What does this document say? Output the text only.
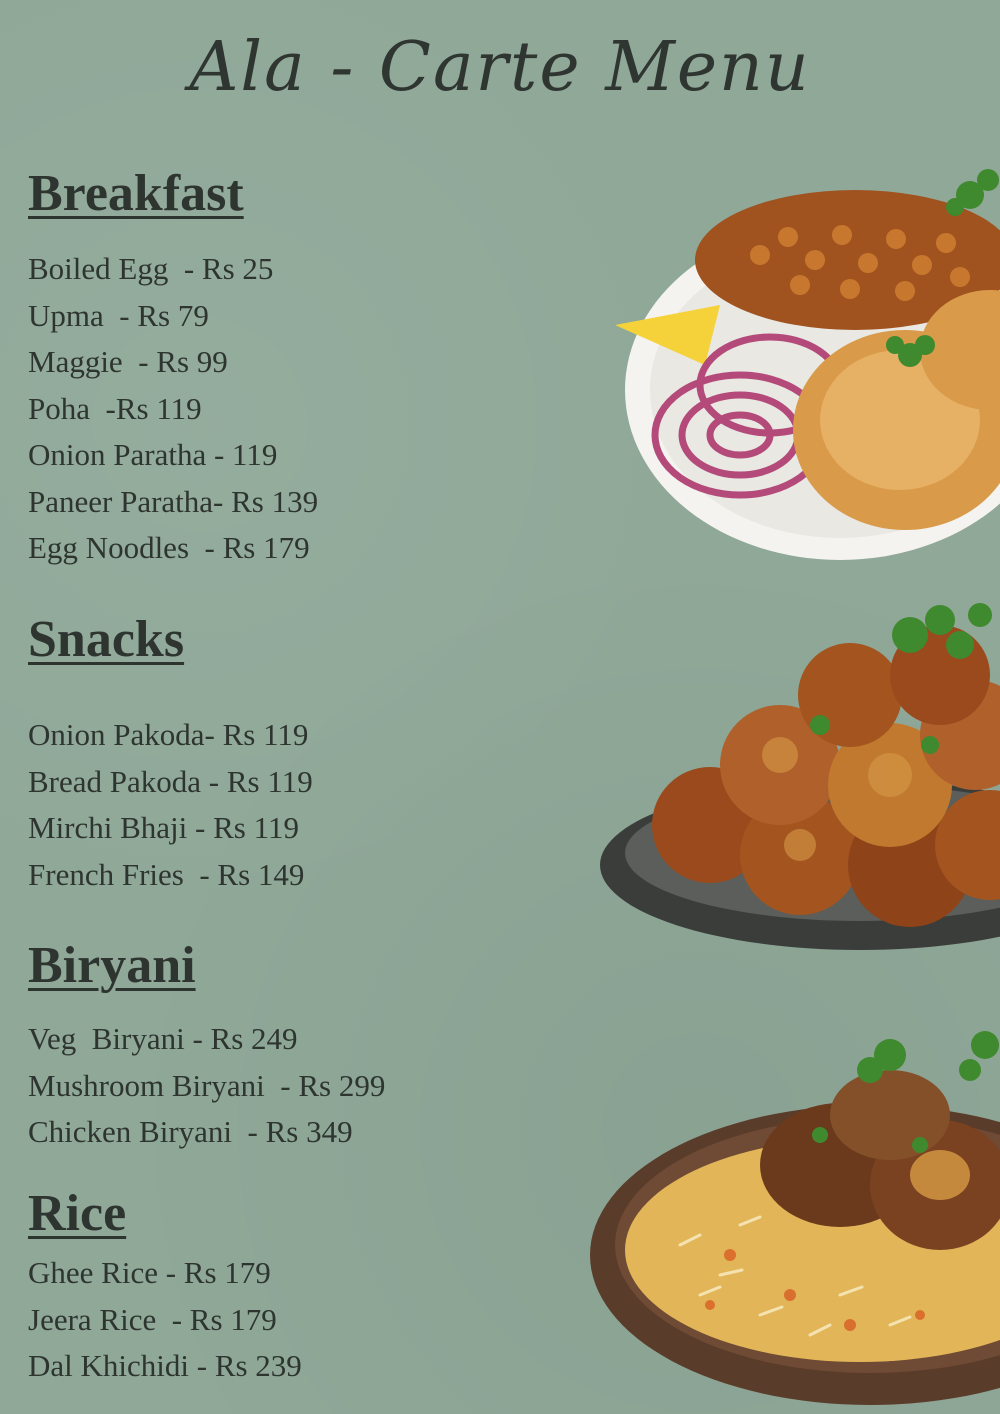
Ala - Carte Menu
Breakfast
Boiled Egg  - Rs 25
Upma  - Rs 79
Maggie  - Rs 99
Poha  -Rs 119
Onion Paratha - 119
Paneer Paratha- Rs 139
Egg Noodles  - Rs 179
Snacks
Onion Pakoda- Rs 119
Bread Pakoda - Rs 119
Mirchi Bhaji - Rs 119
French Fries  - Rs 149
Biryani
Veg  Biryani - Rs 249
Mushroom Biryani  - Rs 299
Chicken Biryani  - Rs 349
Rice
Ghee Rice - Rs 179
Jeera Rice  - Rs 179
Dal Khichidi - Rs 239
